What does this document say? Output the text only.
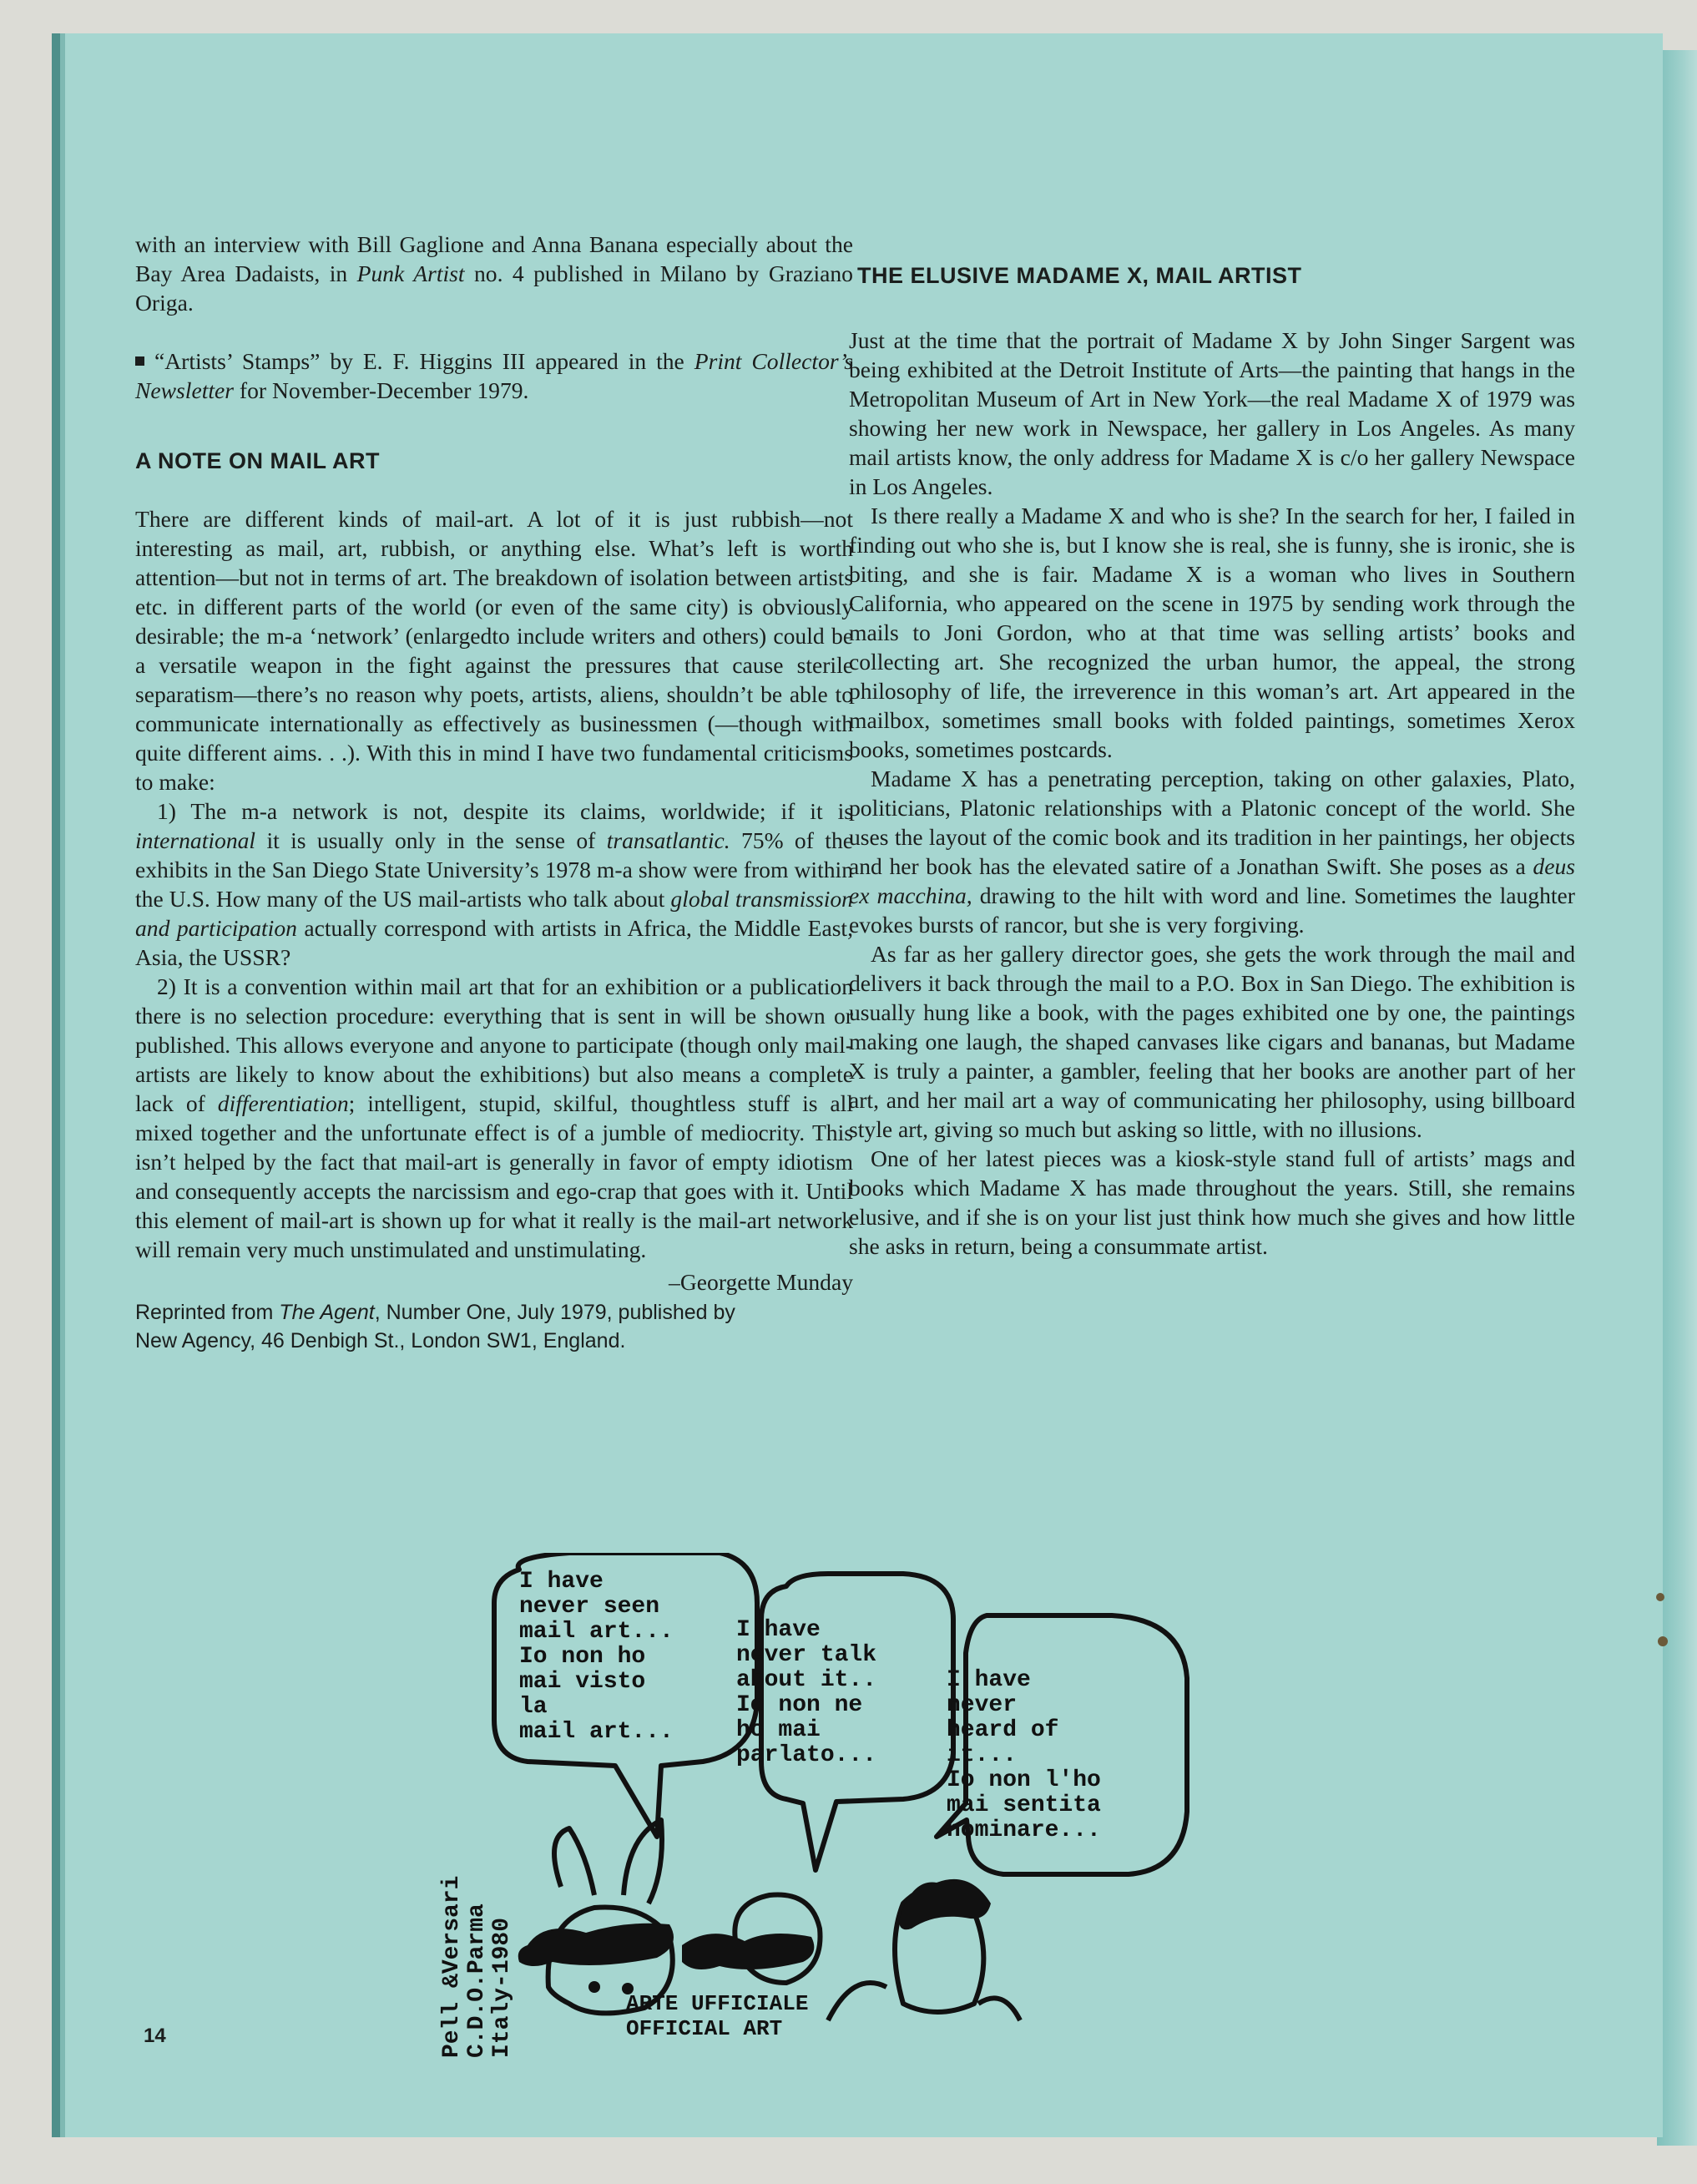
with an interview with Bill Gaglione and Anna Banana especially about the Bay Area Dadaists, in Punk Artist no. 4 published in Milano by Graziano Origa.

“Artists’ Stamps” by E. F. Higgins III appeared in the Print Collector’s Newsletter for November-December 1979.

A NOTE ON MAIL ART

There are different kinds of mail-art. A lot of it is just rubbish—not interesting as mail, art, rubbish, or anything else. What’s left is worth attention—but not in terms of art. The breakdown of isolation between artists etc. in different parts of the world (or even of the same city) is obviously desirable; the m-a ‘network’ (enlargedto include writers and others) could be a versatile weapon in the fight against the pressures that cause sterile separatism—there’s no reason why poets, artists, aliens, shouldn’t be able to communicate internationally as effectively as businessmen (—though with quite different aims. . .). With this in mind I have two fundamental criticisms to make:

1) The m-a network is not, despite its claims, worldwide; if it is international it is usually only in the sense of transatlantic. 75% of the exhibits in the San Diego State University’s 1978 m-a show were from within the U.S. How many of the US mail-artists who talk about global transmission and participation actually correspond with artists in Africa, the Middle East, Asia, the USSR?

2) It is a convention within mail art that for an exhibition or a publication there is no selection procedure: everything that is sent in will be shown or published. This allows everyone and anyone to participate (though only mail-artists are likely to know about the exhibitions) but also means a complete lack of differentiation; intelligent, stupid, skilful, thoughtless stuff is all mixed together and the unfortunate effect is of a jumble of mediocrity. This isn’t helped by the fact that mail-art is generally in favor of empty idiotism and consequently accepts the narcissism and ego-crap that goes with it. Until this element of mail-art is shown up for what it really is the mail-art network will remain very much unstimulated and unstimulating.

–Georgette Munday

Reprinted from The Agent, Number One, July 1979, published by New Agency, 46 Denbigh St., London SW1, England.

THE ELUSIVE MADAME X, MAIL ARTIST

Just at the time that the portrait of Madame X by John Singer Sargent was being exhibited at the Detroit Institute of Arts—the painting that hangs in the Metropolitan Museum of Art in New York—the real Madame X of 1979 was showing her new work in Newspace, her gallery in Los Angeles. As many mail artists know, the only address for Madame X is c/o her gallery Newspace in Los Angeles.

Is there really a Madame X and who is she? In the search for her, I failed in finding out who she is, but I know she is real, she is funny, she is ironic, she is biting, and she is fair. Madame X is a woman who lives in Southern California, who appeared on the scene in 1975 by sending work through the mails to Joni Gordon, who at that time was selling artists’ books and collecting art. She recognized the urban humor, the appeal, the strong philosophy of life, the irreverence in this woman’s art. Art appeared in the mailbox, sometimes small books with folded paintings, sometimes Xerox books, sometimes postcards.

Madame X has a penetrating perception, taking on other galaxies, Plato, politicians, Platonic relationships with a Platonic concept of the world. She uses the layout of the comic book and its tradition in her paintings, her objects and her book has the elevated satire of a Jonathan Swift. She poses as a deus ex macchina, drawing to the hilt with word and line. Sometimes the laughter evokes bursts of rancor, but she is very forgiving.

As far as her gallery director goes, she gets the work through the mail and delivers it back through the mail to a P.O. Box in San Diego. The exhibition is usually hung like a book, with the pages exhibited one by one, the paintings making one laugh, the shaped canvases like cigars and bananas, but Madame X is truly a painter, a gambler, feeling that her books are another part of her art, and her mail art a way of communicating her philosophy, using billboard style art, giving so much but asking so little, with no illusions.

One of her latest pieces was a kiosk-style stand full of artists’ mags and books which Madame X has made throughout the years. Still, she remains elusive, and if she is on your list just think how much she gives and how little she asks in return, being a consummate artist.

I have
never seen
mail art...
Io non ho
mai visto
la
mail art...
I have
never talk
about it..
Io non ne
ho mai
parlato...
I have
never
heard of
it...
Io non l'ho
mai sentita
nominare...
ARTE UFFICIALE
OFFICIAL ART
Pell &Versari C.D.O.Parma Italy-1980
14
